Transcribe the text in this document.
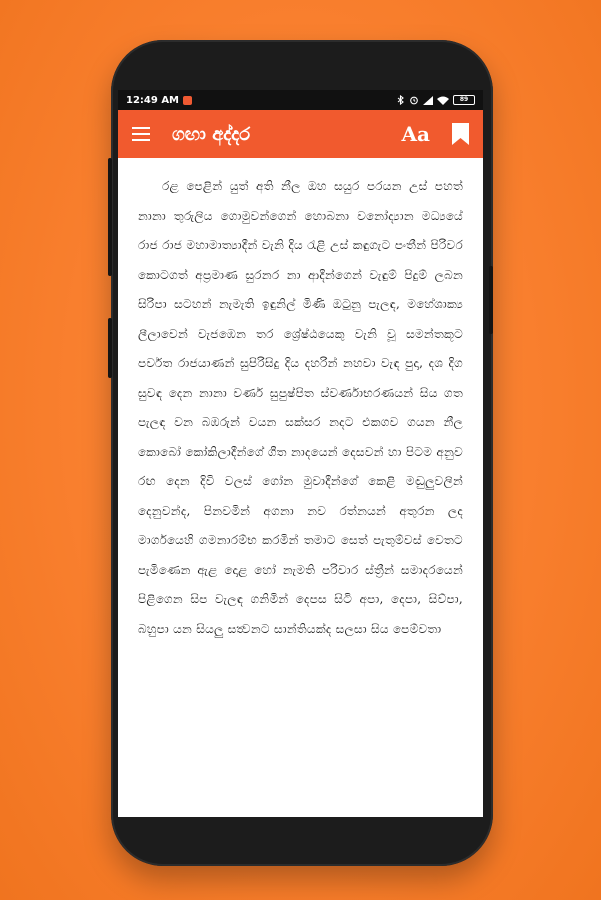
12:49 AM	89
ගඟා අද්දර	Aa
රළ පෙළින් යුත් අති නීල ඔහ සයුර පරයන උස් පහත් නානා තුරුලිය ගොමුවන්ගෙන් හොබනා වනෝද්‍යාන මධ්‍යයේ රාජ රාජ මහාමාත්‍යාදීන් වැනි දිය රැළි උස් කඳුගැට පංතීන් පිරිවර කොටගත් අප්‍රමාණ සුරනර නා ආදීන්ගෙන් වැඳුම් පිදුම් ලබන සිරිපා සටහන් නැමැති ඉඳුනිල් මිණි ඔටුනු පැලඳ, මහේශාක්‍ය ලීලාවෙන් වැජඹෙන තර ශ්‍රේෂ්ඨයෙකු වැනි වූ සමන්තකූට පර්වත රාජයාණන් සුපිරිසිදු දිය දහරින් නහවා වැඳ පුදා, දශ දිග සුවඳ දෙන නානා වර්ණ සුපුෂ්පිත ස්වර්ණාභරණයන් සිය ගත පැලඳ වන බඹරුන් වයන සක්සර නදට එකගව ගයන නීල කොබෝ කෝකිලාදීන්ගේ ගීත නාදයෙන් දෙසවන් හා පිටම අනුව රඟ දෙන දිවි වලස් ගෝන මුවාදීන්ගේ කෙළි මඬුලුවලින් දෙනුවන්ද, පිනවමින් අගනා නව රත්නයන් අතුරන ලද මාර්ගයෙහි ගමනාරම්භ කරමින් තමාට සෙත් පැතුම්වස් වෙතට පැමිණෙන ඇළ දොළ හෝ නැමති පරිවාර ස්ත්‍රීන් සමාදරයෙන් පිළිගෙන සිප වැලඳ ගනිමින් දෙපස සිටි අපා, දෙපා, සිව්පා, බහුපා යන සියලු සත්‍වනට සාන්තියක්ද සලසා සිය පෙම්වතා
